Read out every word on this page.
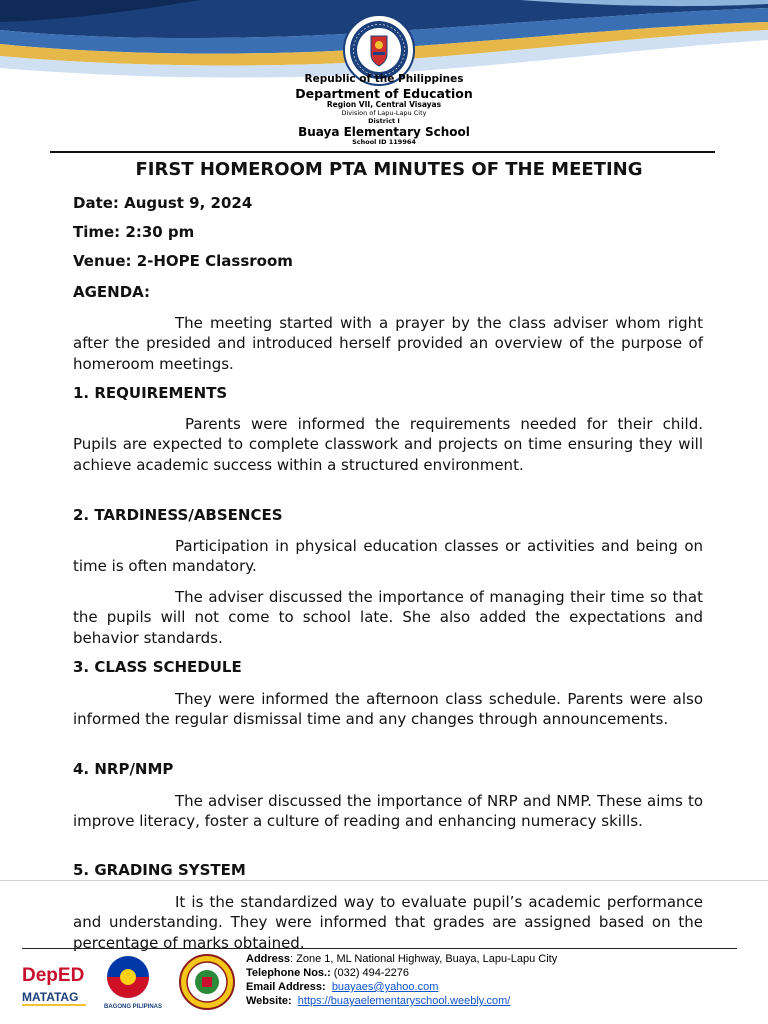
Republic of the Philippines
Department of Education
Region VII, Central Visayas
Division of Lapu-Lapu City
District I
Buaya Elementary School
School ID 119964
FIRST HOMEROOM PTA MINUTES OF THE MEETING
Date: August 9, 2024
Time: 2:30 pm
Venue: 2-HOPE Classroom
AGENDA:

The meeting started with a prayer by the class adviser whom right after the presided and introduced herself provided an overview of the purpose of homeroom meetings.

1. REQUIREMENTS

Parents were informed the requirements needed for their child. Pupils are expected to complete classwork and projects on time ensuring they will achieve academic success within a structured environment.

2. TARDINESS/ABSENCES

Participation in physical education classes or activities and being on time is often mandatory.

The adviser discussed the importance of managing their time so that the pupils will not come to school late. She also added the expectations and behavior standards.

3. CLASS SCHEDULE

They were informed the afternoon class schedule. Parents were also informed the regular dismissal time and any changes through announcements.

4. NRP/NMP

The adviser discussed the importance of NRP and NMP. These aims to improve literacy, foster a culture of reading and enhancing numeracy skills.

5. GRADING SYSTEM

It is the standardized way to evaluate pupil’s academic performance and understanding. They were informed that grades are assigned based on the percentage of marks obtained.

DepED
MATATAG
BAGONG PILIPINAS
Address: Zone 1, ML National Highway, Buaya, Lapu-Lapu City
Telephone Nos.: (032) 494-2276
Email Address: buayaes@yahoo.com
Website: https://buayaelementaryschool.weebly.com/
